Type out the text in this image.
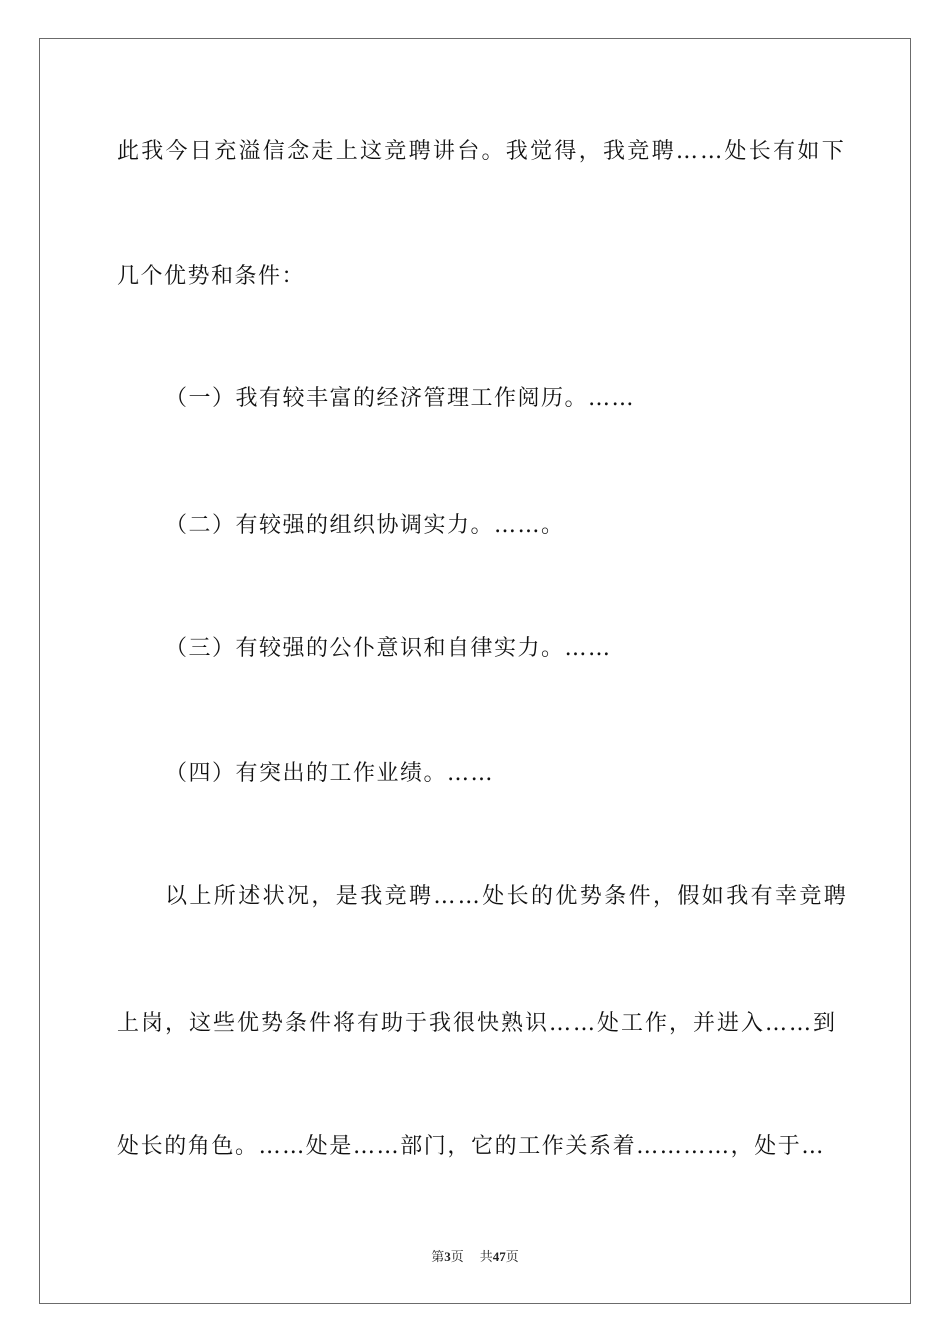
此我今日充溢信念走上这竞聘讲台。我觉得，我竞聘……处长有如下
几个优势和条件：
（一）我有较丰富的经济管理工作阅历。……
（二）有较强的组织协调实力。……。
（三）有较强的公仆意识和自律实力。……
（四）有突出的工作业绩。……
以上所述状况，是我竞聘……处长的优势条件，假如我有幸竞聘
上岗，这些优势条件将有助于我很快熟识……处工作，并进入……到
处长的角色。……处是……部门，它的工作关系着…………，处于…
第3页 共47页
